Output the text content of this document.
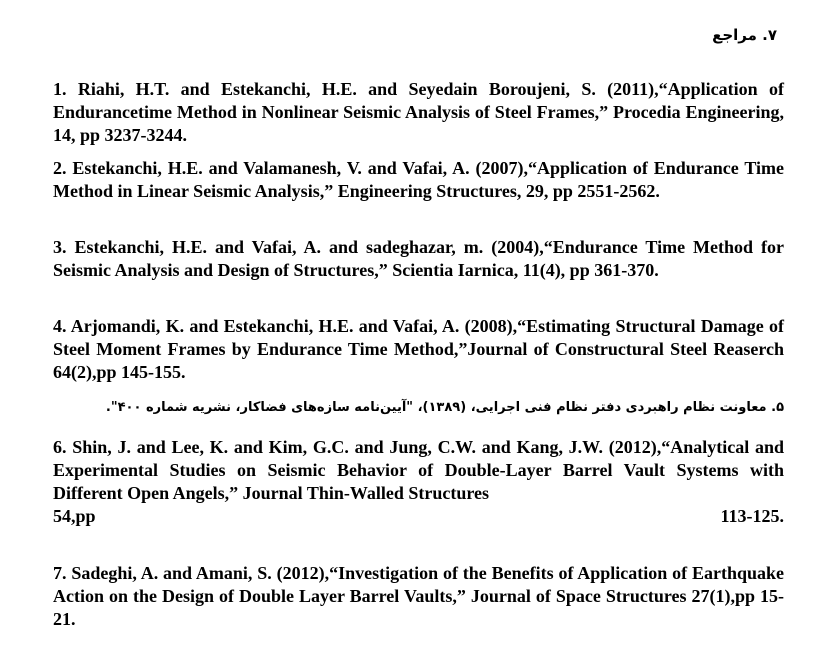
۷. مراجع
1. Riahi, H.T. and Estekanchi, H.E. and Seyedain Boroujeni, S. (2011),“Application of Endurancetime Method in Nonlinear Seismic Analysis of Steel Frames,” Procedia Engineering, 14, pp 3237-3244.
2. Estekanchi, H.E. and Valamanesh, V. and Vafai, A. (2007),“Application of Endurance Time Method in Linear Seismic Analysis,” Engineering Structures, 29, pp 2551-2562.
3. Estekanchi, H.E. and Vafai, A. and sadeghazar, m. (2004),“Endurance Time Method for Seismic Analysis and Design of Structures,” Scientia Iarnica, 11(4), pp 361-370.
4. Arjomandi, K. and Estekanchi, H.E. and Vafai, A. (2008),“Estimating Structural Damage of Steel Moment Frames by Endurance Time Method,”Journal of Constructural Steel Reaserch 64(2),pp 145-155.
۵. معاونت نظام راهبردی دفتر نظام فنی اجرایی، (۱۳۸۹)، "آیین‌نامه سازه‌های فضاکار، نشریه شماره ۴۰۰".
6. Shin, J. and Lee, K. and Kim, G.C. and Jung, C.W. and Kang, J.W. (2012),“Analytical and Experimental Studies on Seismic Behavior of Double-Layer Barrel Vault Systems with Different Open Angels,” Journal Thin-Walled Structures
54,pp	113-125.
7. Sadeghi, A. and Amani, S. (2012),“Investigation of the Benefits of Application of Earthquake Action on the Design of Double Layer Barrel Vaults,” Journal of Space Structures 27(1),pp 15-21.
